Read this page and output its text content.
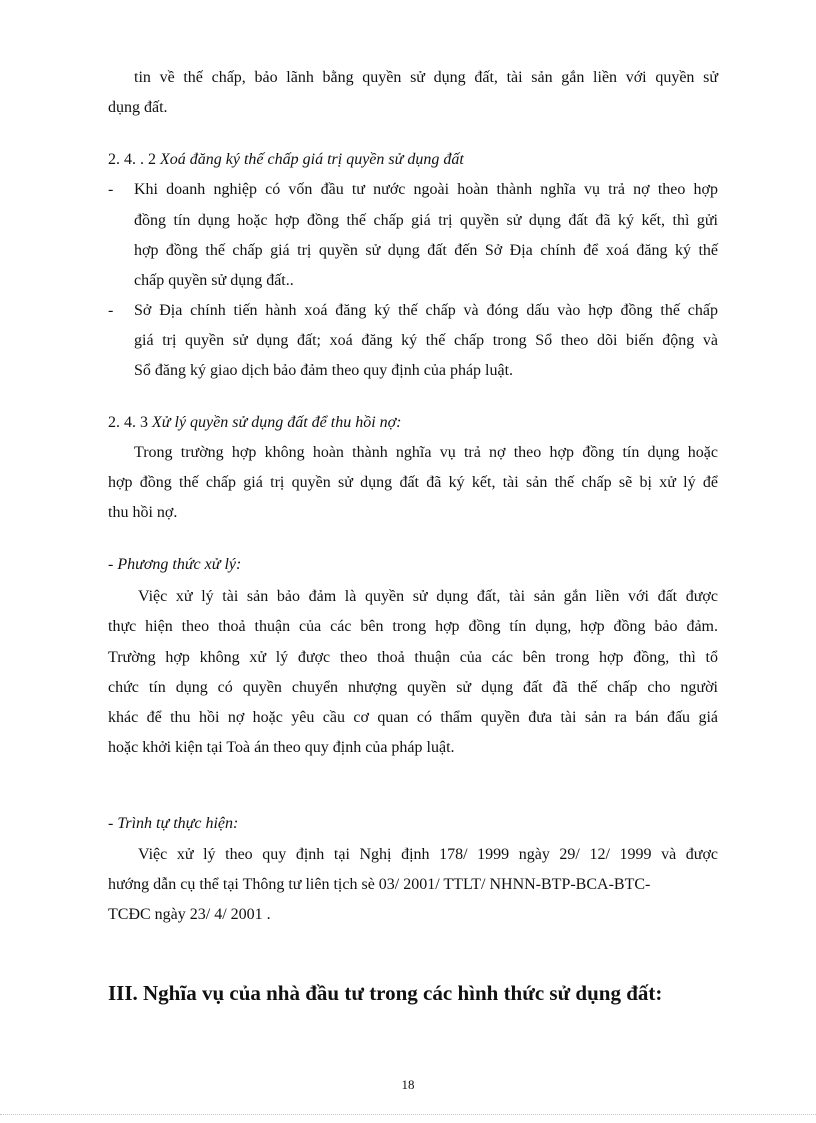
tin về thế chấp, bảo lãnh bằng quyền sử dụng đất, tài sản gắn liền với quyền sử
dụng đất.
2. 4. . 2 Xoá đăng ký thế chấp giá trị quyền sử dụng đất
- Khi doanh nghiệp có vốn đầu tư nước ngoài hoàn thành nghĩa vụ trả nợ theo hợp
đồng tín dụng hoặc hợp đồng thế chấp giá trị quyền sử dụng đất đã ký kết, thì gửi
hợp đồng thế chấp giá trị quyền sử dụng đất đến Sở Địa chính để xoá đăng ký thế
chấp quyền sử dụng đất..
- Sở Địa chính tiến hành xoá đăng ký thế chấp và đóng dấu vào hợp đồng thế chấp
giá trị quyền sử dụng đất; xoá đăng ký thế chấp trong Sổ theo dõi biến động và
Sổ đăng ký giao dịch bảo đảm theo quy định của pháp luật.
2. 4. 3 Xử lý quyền sử dụng đất để thu hồi nợ:
Trong trường hợp không hoàn thành nghĩa vụ trả nợ theo hợp đồng tín dụng hoặc
hợp đồng thế chấp giá trị quyền sử dụng đất đã ký kết, tài sản thế chấp sẽ bị xử lý để
thu hồi nợ.
- Phương thức xử lý:
Việc xử lý tài sản bảo đảm là quyền sử dụng đất, tài sản gắn liền với đất được
thực hiện theo thoả thuận của các bên trong hợp đồng tín dụng, hợp đồng bảo đảm.
Trường hợp không xử lý được theo thoả thuận của các bên trong hợp đồng, thì tổ
chức tín dụng có quyền chuyển nhượng quyền sử dụng đất đã thế chấp cho người
khác để thu hồi nợ hoặc yêu cầu cơ quan có thẩm quyền đưa tài sản ra bán đấu giá
hoặc khởi kiện tại Toà án theo quy định của pháp luật.
- Trình tự thực hiện:
Việc xử lý theo quy định tại Nghị định 178/ 1999 ngày 29/ 12/ 1999 và được
hướng dẫn cụ thể tại Thông tư liên tịch sè 03/ 2001/ TTLT/ NHNN-BTP-BCA-BTC-
TCĐC ngày 23/ 4/ 2001 .
III. Nghĩa vụ của nhà đầu tư trong các hình thức sử dụng đất:
18
